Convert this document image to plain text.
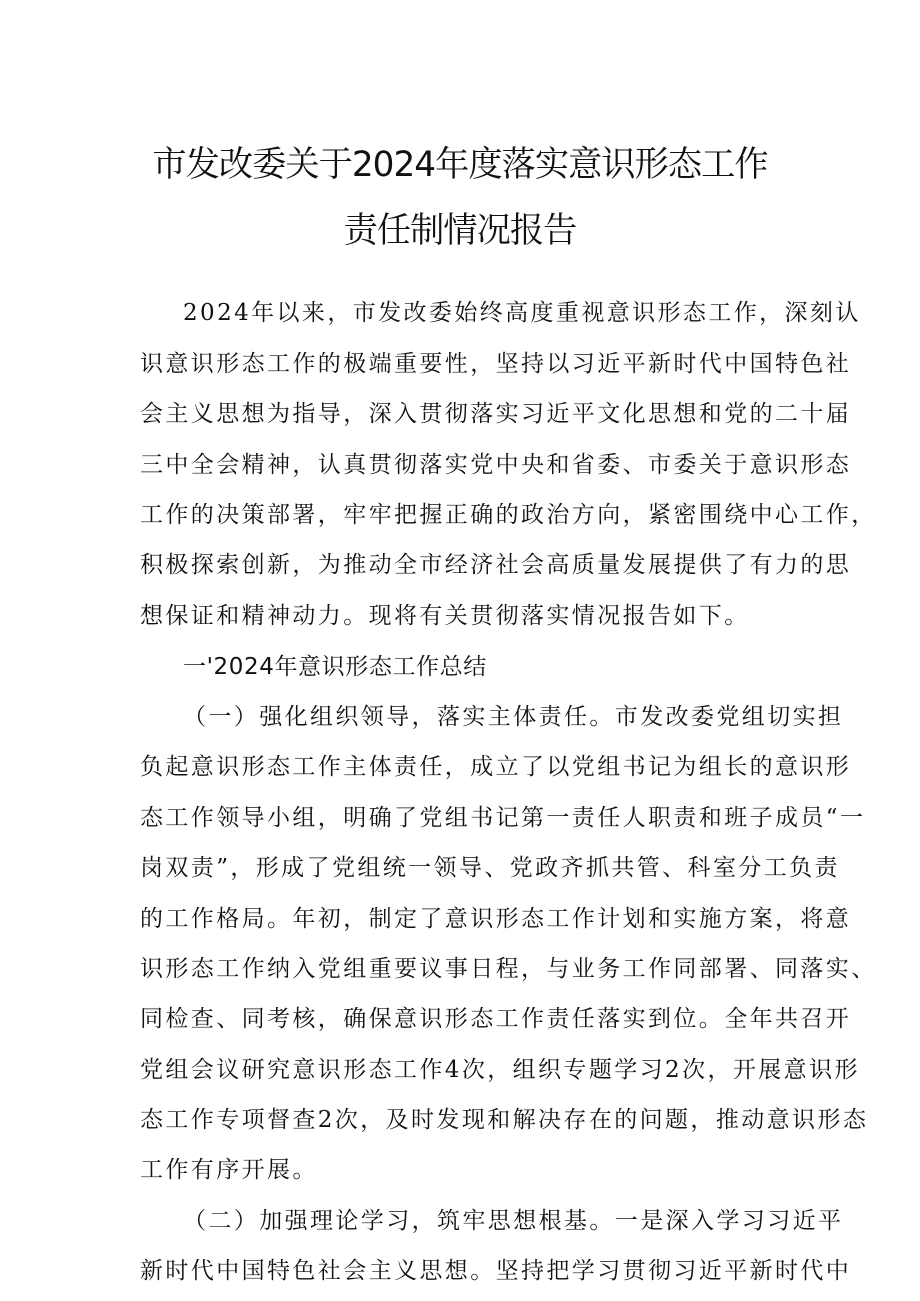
市发改委关于2024年度落实意识形态工作
责任制情况报告
2024年以来，市发改委始终高度重视意识形态工作，深刻认
识意识形态工作的极端重要性，坚持以习近平新时代中国特色社
会主义思想为指导，深入贯彻落实习近平文化思想和党的二十届
三中全会精神，认真贯彻落实党中央和省委、市委关于意识形态
工作的决策部署，牢牢把握正确的政治方向，紧密围绕中心工作，
积极探索创新，为推动全市经济社会高质量发展提供了有力的思
想保证和精神动力。现将有关贯彻落实情况报告如下。
一'2024年意识形态工作总结
（一）强化组织领导，落实主体责任。市发改委党组切实担
负起意识形态工作主体责任，成立了以党组书记为组长的意识形
态工作领导小组，明确了党组书记第一责任人职责和班子成员“一
岗双责”，形成了党组统一领导、党政齐抓共管、科室分工负责
的工作格局。年初，制定了意识形态工作计划和实施方案，将意
识形态工作纳入党组重要议事日程，与业务工作同部署、同落实、
同检查、同考核，确保意识形态工作责任落实到位。全年共召开
党组会议研究意识形态工作4次，组织专题学习2次，开展意识形
态工作专项督查2次，及时发现和解决存在的问题，推动意识形态
工作有序开展。
（二）加强理论学习，筑牢思想根基。一是深入学习习近平
新时代中国特色社会主义思想。坚持把学习贯彻习近平新时代中
